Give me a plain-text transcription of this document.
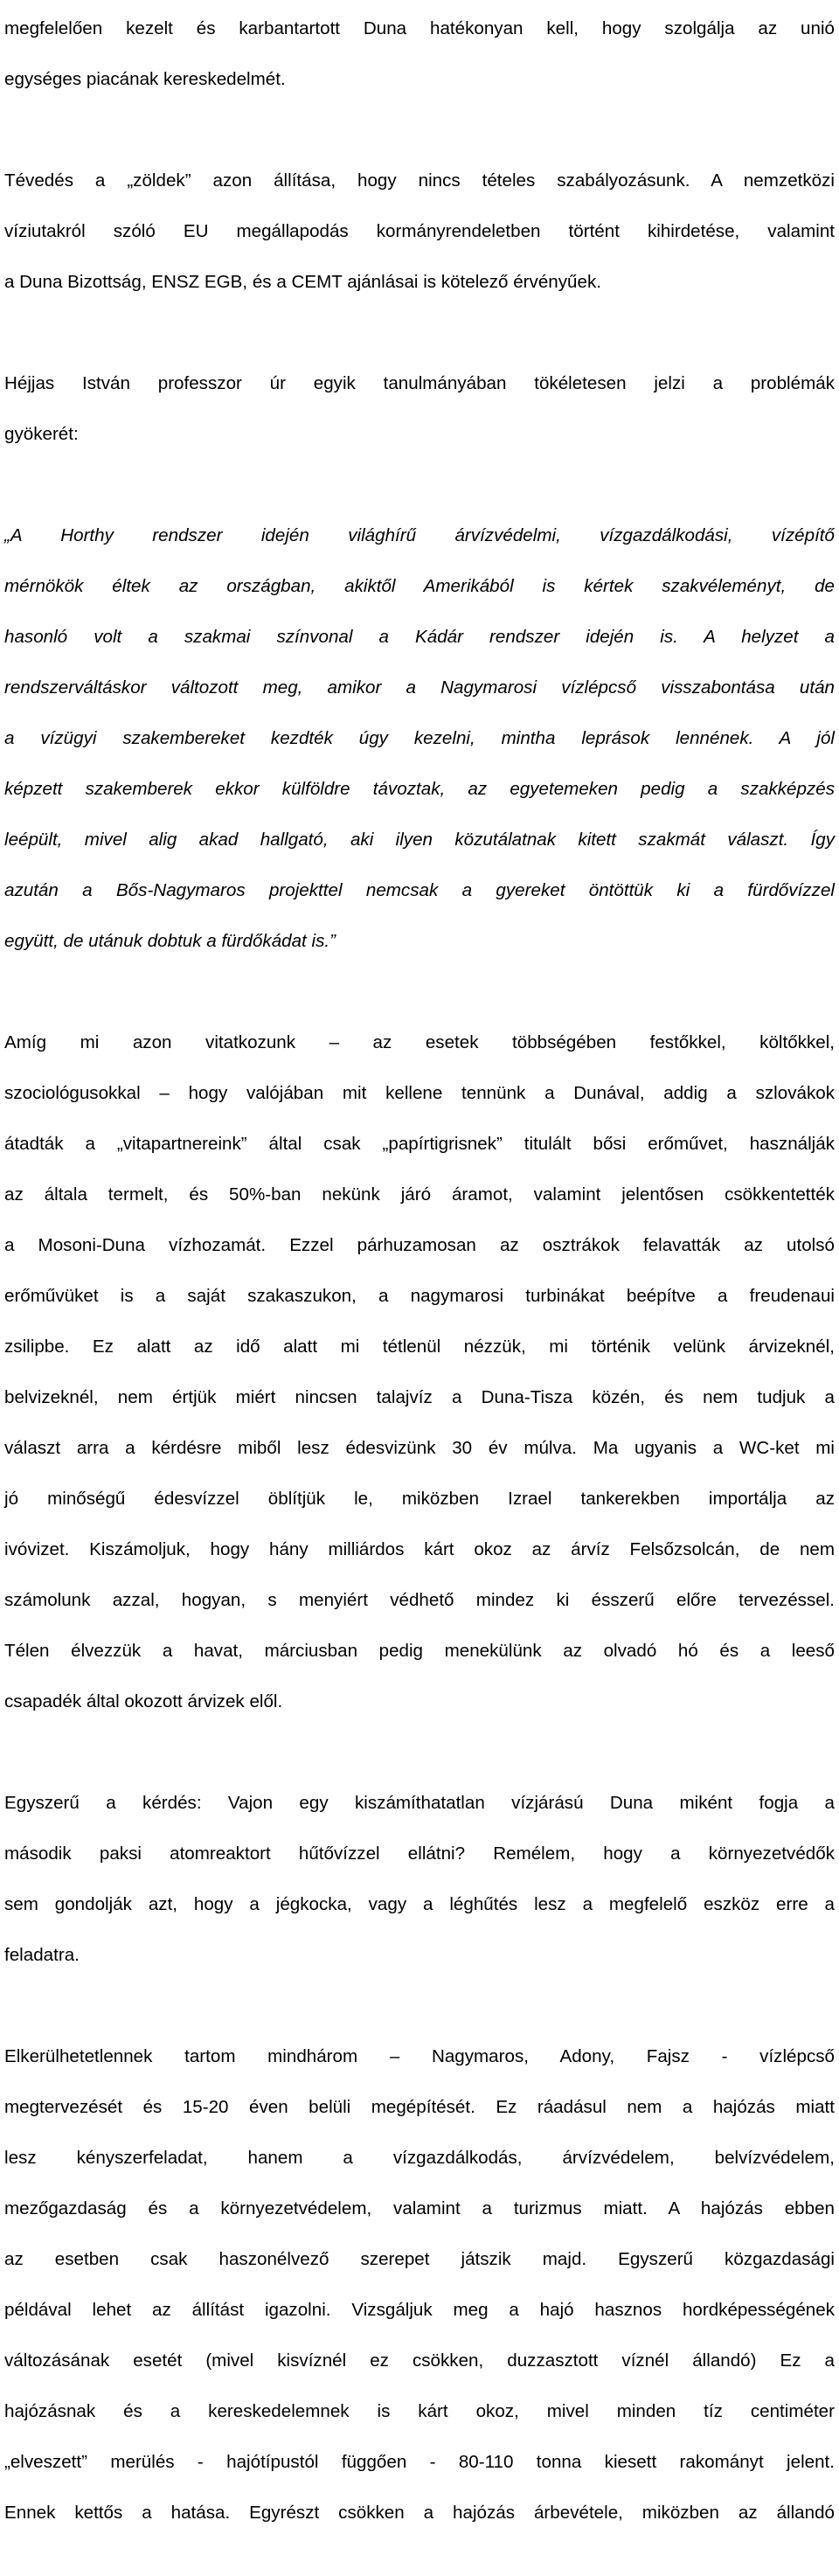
megfelelően kezelt és karbantartott Duna hatékonyan kell, hogy szolgálja az unió

egységes piacának kereskedelmét.

Tévedés a „zöldek” azon állítása, hogy nincs tételes szabályozásunk. A nemzetközi

víziutakról szóló EU megállapodás kormányrendeletben történt kihirdetése, valamint

a Duna Bizottság, ENSZ EGB, és a CEMT ajánlásai is kötelező érvényűek.

Héjjas István professzor úr egyik tanulmányában tökéletesen jelzi a problémák

gyökerét:

„A Horthy rendszer idején világhírű árvízvédelmi, vízgazdálkodási, vízépítő

mérnökök éltek az országban, akiktől Amerikából is kértek szakvéleményt, de

hasonló volt a szakmai színvonal a Kádár rendszer idején is. A helyzet a

rendszerváltáskor változott meg, amikor a Nagymarosi vízlépcső visszabontása után

a vízügyi szakembereket kezdték úgy kezelni, mintha leprások lennének. A jól

képzett szakemberek ekkor külföldre távoztak, az egyetemeken pedig a szakképzés

leépült, mivel alig akad hallgató, aki ilyen közutálatnak kitett szakmát választ. Így

azután a Bős-Nagymaros projekttel nemcsak a gyereket öntöttük ki a fürdővízzel

együtt, de utánuk dobtuk a fürdőkádat is.”

Amíg mi azon vitatkozunk – az esetek többségében festőkkel, költőkkel,

szociológusokkal – hogy valójában mit kellene tennünk a Dunával, addig a szlovákok

átadták a „vitapartnereink” által csak „papírtigrisnek” titulált bősi erőművet, használják

az általa termelt, és 50%-ban nekünk járó áramot, valamint jelentősen csökkentették

a Mosoni-Duna vízhozamát. Ezzel párhuzamosan az osztrákok felavatták az utolsó

erőművüket is a saját szakaszukon, a nagymarosi turbinákat beépítve a freudenaui

zsilipbe. Ez alatt az idő alatt mi tétlenül nézzük, mi történik velünk árvizeknél,

belvizeknél, nem értjük miért nincsen talajvíz a Duna-Tisza közén, és nem tudjuk a

választ arra a kérdésre miből lesz édesvizünk 30 év múlva. Ma ugyanis a WC-ket mi

jó minőségű édesvízzel öblítjük le, miközben Izrael tankerekben importálja az

ivóvizet. Kiszámoljuk, hogy hány milliárdos kárt okoz az árvíz Felsőzsolcán, de nem

számolunk azzal, hogyan, s menyiért védhető mindez ki ésszerű előre tervezéssel.

Télen élvezzük a havat, márciusban pedig menekülünk az olvadó hó és a leeső

csapadék által okozott árvizek elől.

Egyszerű a kérdés: Vajon egy kiszámíthatatlan vízjárású Duna miként fogja a

második paksi atomreaktort hűtővízzel ellátni? Remélem, hogy a környezetvédők

sem gondolják azt, hogy a jégkocka, vagy a léghűtés lesz a megfelelő eszköz erre a

feladatra.

Elkerülhetetlennek tartom mindhárom – Nagymaros, Adony, Fajsz - vízlépcső

megtervezését és 15-20 éven belüli megépítését. Ez ráadásul nem a hajózás miatt

lesz kényszerfeladat, hanem a vízgazdálkodás, árvízvédelem, belvízvédelem,

mezőgazdaság és a környezetvédelem, valamint a turizmus miatt. A hajózás ebben

az esetben csak haszonélvező szerepet játszik majd. Egyszerű közgazdasági

példával lehet az állítást igazolni. Vizsgáljuk meg a hajó hasznos hordképességének

változásának esetét (mivel kisvíznél ez csökken, duzzasztott víznél állandó) Ez a

hajózásnak és a kereskedelemnek is kárt okoz, mivel minden tíz centiméter

„elveszett” merülés - hajótípustól függően - 80-110 tonna kiesett rakományt jelent.

Ennek kettős a hatása. Egyrészt csökken a hajózás árbevétele, miközben az állandó
